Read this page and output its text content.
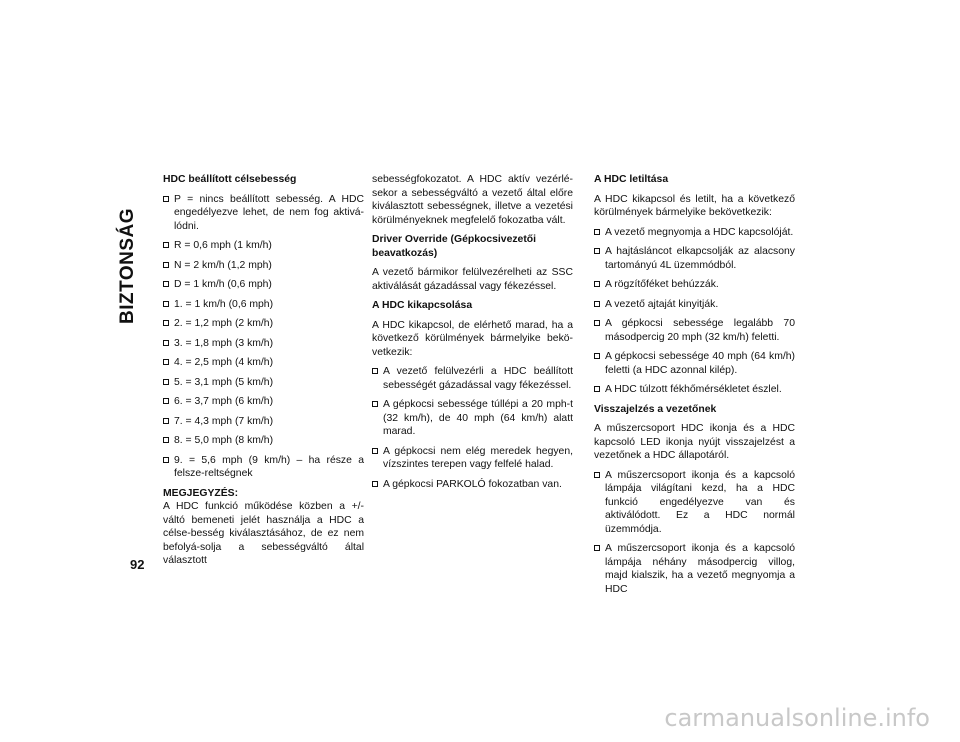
BIZTONSÁG
92
HDC beállított célsebesség
P = nincs beállított sebesség. A HDC engedélyezve lehet, de nem fog aktivá-lódni.
R = 0,6 mph (1 km/h)
N = 2 km/h (1,2 mph)
D = 1 km/h (0,6 mph)
1. = 1 km/h (0,6 mph)
2. = 1,2 mph (2 km/h)
3. = 1,8 mph (3 km/h)
4. = 2,5 mph (4 km/h)
5. = 3,1 mph (5 km/h)
6. = 3,7 mph (6 km/h)
7. = 4,3 mph (7 km/h)
8. = 5,0 mph (8 km/h)
9. = 5,6 mph (9 km/h) – ha része a felsze-reltségnek
MEGJEGYZÉS:
A HDC funkció működése közben a +/- váltó bemeneti jelét használja a HDC a célse-besség kiválasztásához, de ez nem befolyá-solja a sebességváltó által választott
sebességfokozatot. A HDC aktív vezérlé-sekor a sebességváltó a vezető által előre kiválasztott sebességnek, illetve a vezetési körülményeknek megfelelő fokozatba vált.
Driver Override (Gépkocsivezetői beavatkozás)
A vezető bármikor felülvezérelheti az SSC aktiválását gázadással vagy fékezéssel.
A HDC kikapcsolása
A HDC kikapcsol, de elérhető marad, ha a következő körülmények bármelyike bekö-vetkezik:
A vezető felülvezérli a HDC beállított sebességét gázadással vagy fékezéssel.
A gépkocsi sebessége túllépi a 20 mph-t (32 km/h), de 40 mph (64 km/h) alatt marad.
A gépkocsi nem elég meredek hegyen, vízszintes terepen vagy felfelé halad.
A gépkocsi PARKOLÓ fokozatban van.
A HDC letiltása
A HDC kikapcsol és letilt, ha a következő körülmények bármelyike bekövetkezik:
A vezető megnyomja a HDC kapcsolóját.
A hajtásláncot elkapcsolják az alacsony tartományú 4L üzemmódból.
A rögzítőféket behúzzák.
A vezető ajtaját kinyitják.
A gépkocsi sebessége legalább 70 másodpercig 20 mph (32 km/h) feletti.
A gépkocsi sebessége 40 mph (64 km/h) feletti (a HDC azonnal kilép).
A HDC túlzott fékhőmérsékletet észlel.
Visszajelzés a vezetőnek
A műszercsoport HDC ikonja és a HDC kapcsoló LED ikonja nyújt visszajelzést a vezetőnek a HDC állapotáról.
A műszercsoport ikonja és a kapcsoló lámpája világítani kezd, ha a HDC funkció engedélyezve van és aktiválódott. Ez a HDC normál üzemmódja.
A műszercsoport ikonja és a kapcsoló lámpája néhány másodpercig villog, majd kialszik, ha a vezető megnyomja a HDC
carmanualsonline.info
